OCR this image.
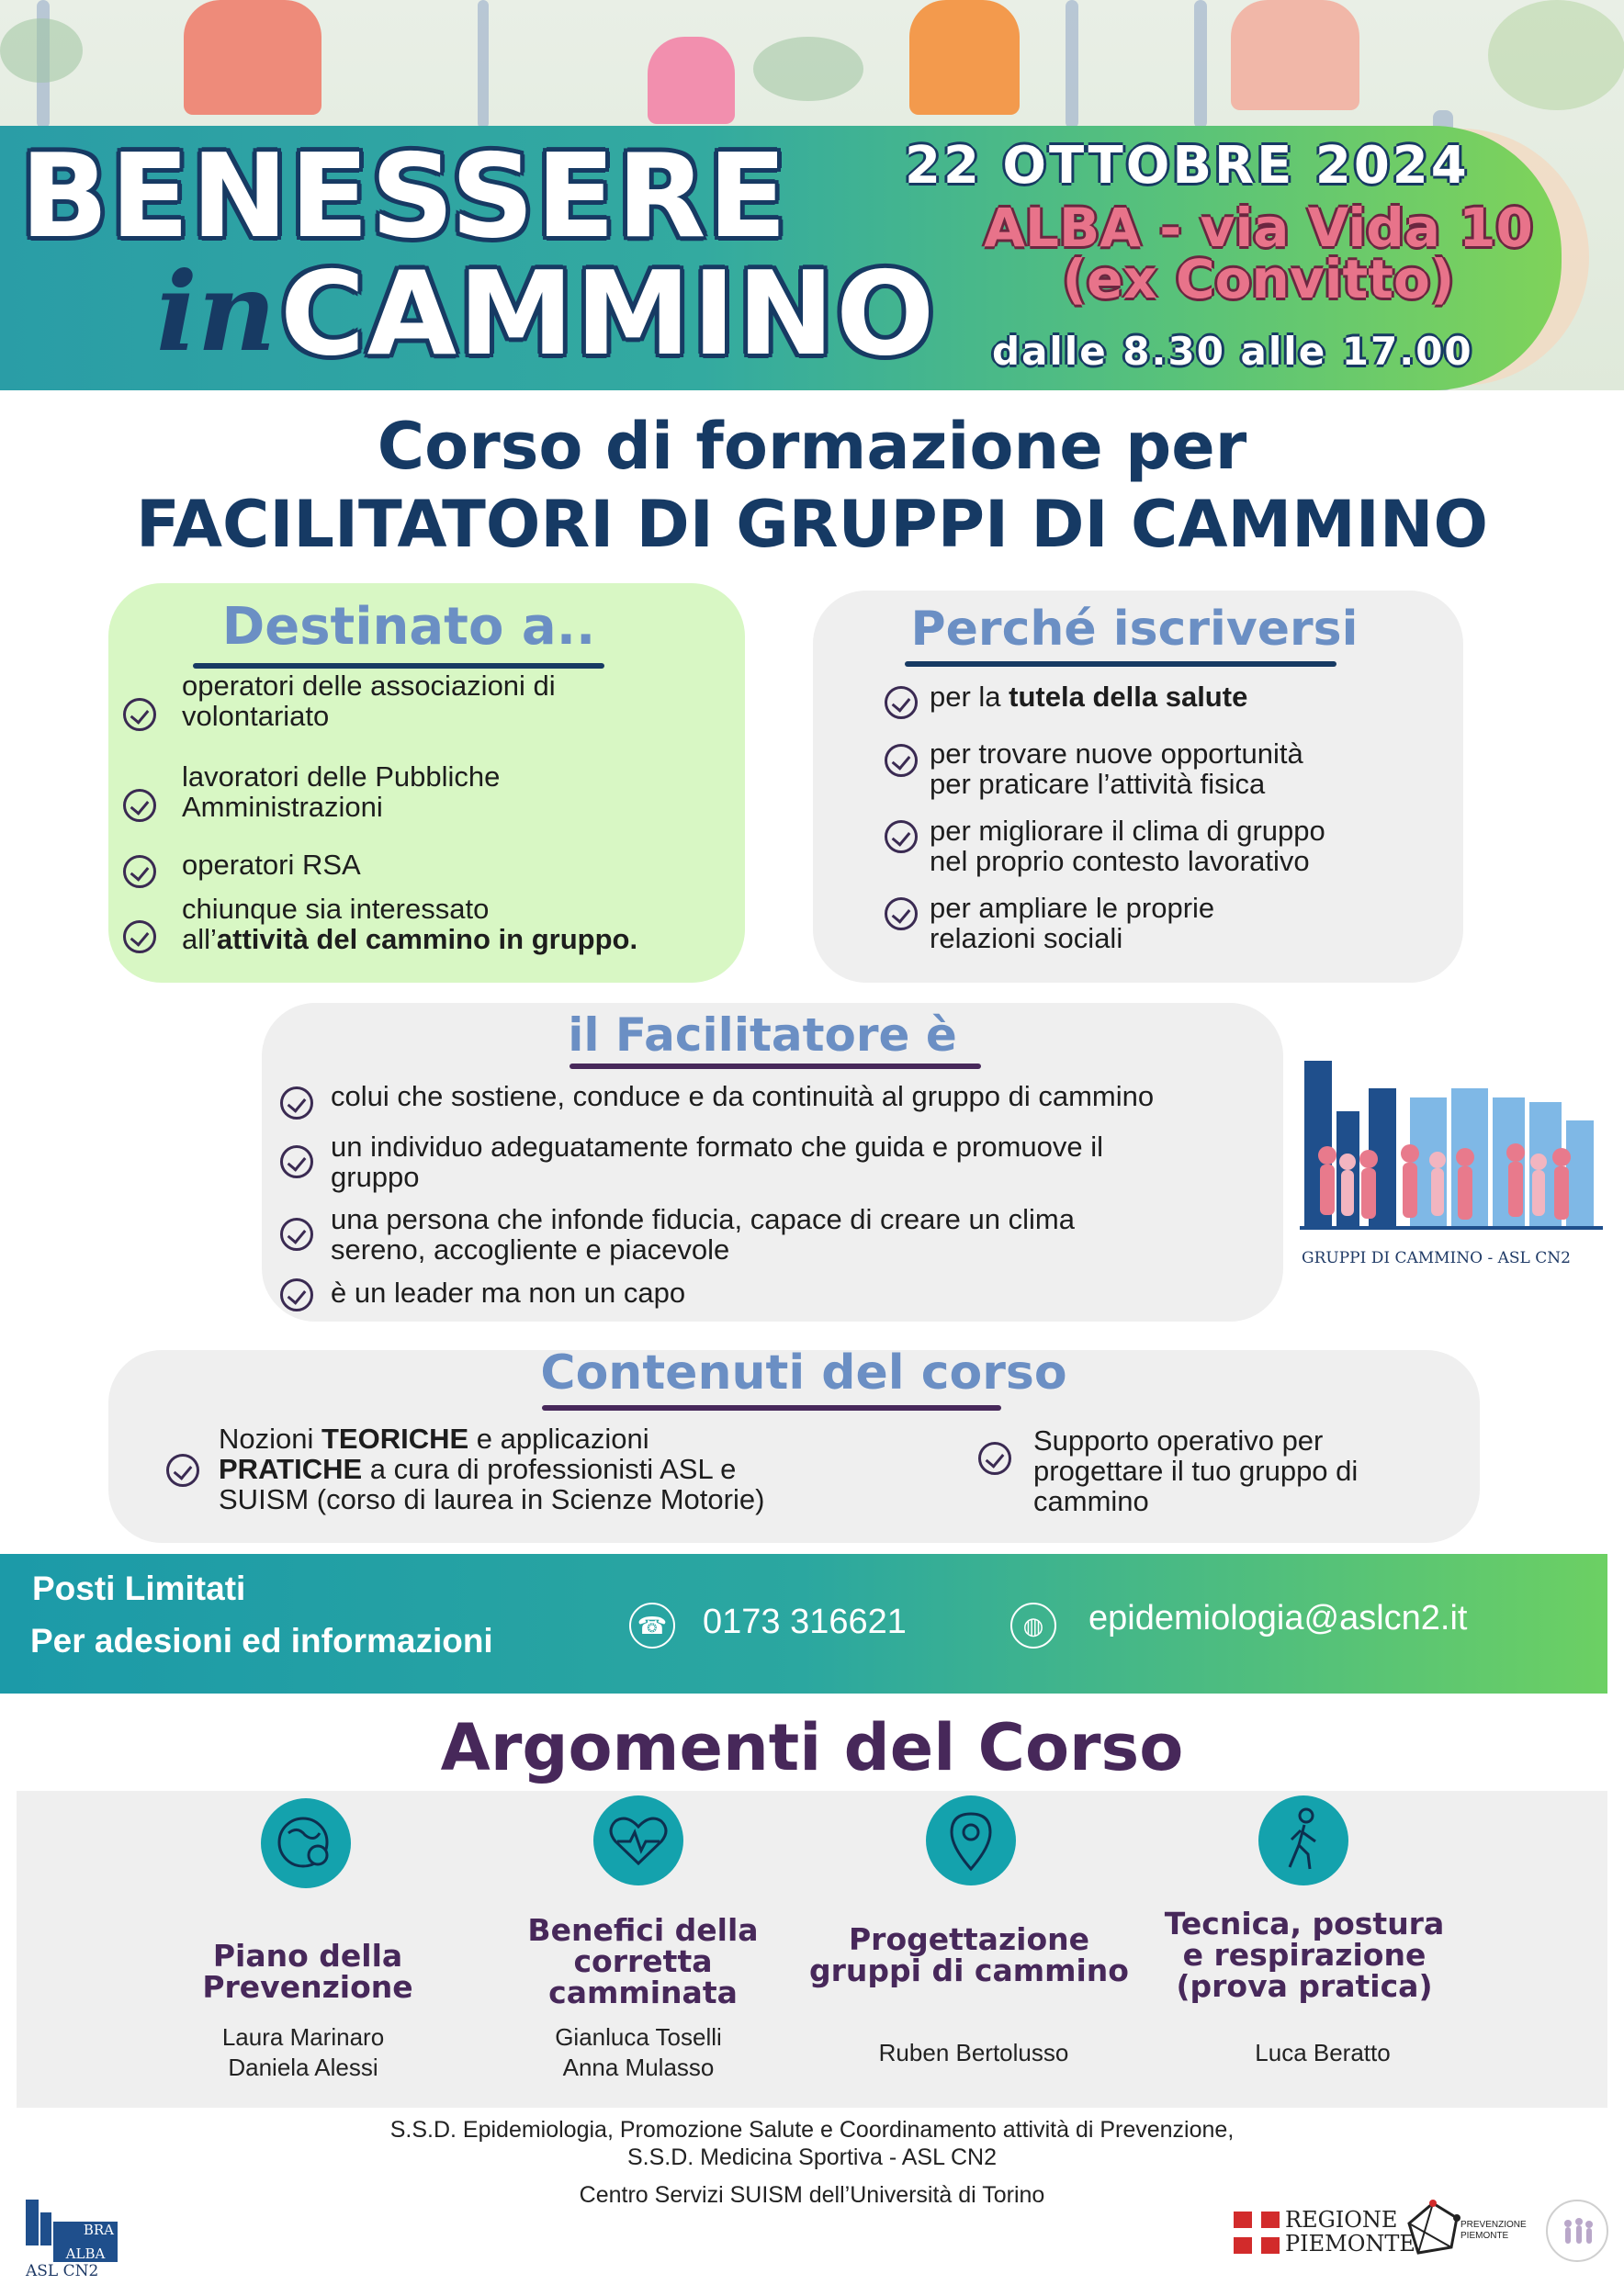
BENESSERE
in CAMMINO
22 OTTOBRE 2024
ALBA - via Vida 10
(ex Convitto)
dalle 8.30 alle 17.00
Corso di formazione per
FACILITATORI DI GRUPPI DI CAMMINO
Destinato a..
operatori delle associazioni di
volontariato
lavoratori delle Pubbliche
Amministrazioni
operatori RSA
chiunque sia interessato
all’attività del cammino in gruppo.
Perché iscriversi
per la tutela della salute
per trovare nuove opportunità
per praticare l’attività fisica
per migliorare il clima di gruppo
nel proprio contesto lavorativo
per ampliare le proprie
relazioni sociali
il Facilitatore è
colui che sostiene, conduce e da continuità al gruppo di cammino
un individuo adeguatamente formato che guida e promuove il
gruppo
una persona che infonde fiducia, capace di creare un clima
sereno, accogliente e piacevole
è un leader ma non un capo
GRUPPI DI CAMMINO - ASL CN2
Contenuti del corso
Nozioni TEORICHE e applicazioni
PRATICHE a cura di professionisti ASL e
SUISM (corso di laurea in Scienze Motorie)
Supporto operativo per
progettare il tuo gruppo di
cammino
Posti Limitati
Per adesioni ed informazioni	☎ 0173 316621	◍	epidemiologia@aslcn2.it
Argomenti del Corso
Piano della
Prevenzione
Laura Marinaro
Daniela Alessi
Benefici della
corretta
camminata
Gianluca Toselli
Anna Mulasso
Progettazione
gruppi di cammino
Ruben Bertolusso
Tecnica, postura
e respirazione
(prova pratica)
Luca Beratto
S.S.D. Epidemiologia, Promozione Salute e Coordinamento attività di Prevenzione,
S.S.D. Medicina Sportiva - ASL CN2
Centro Servizi SUISM dell’Università di Torino
BRA
ALBA
ASL CN2
REGIONE
PIEMONTE
PREVENZIONE
PIEMONTE
